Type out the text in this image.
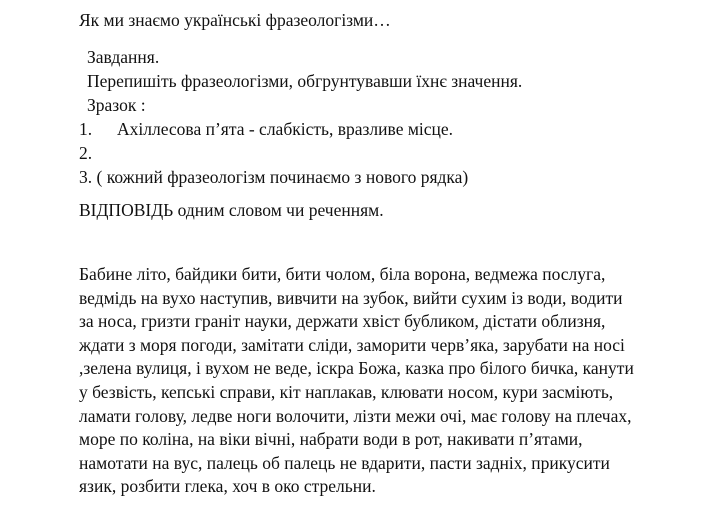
Як ми знаємо українські фразеологізми…
Завдання.
Перепишіть фразеологізми, обгрунтувавши їхнє значення.
Зразок :
1. Ахіллесова п’ята - слабкість, вразливе місце.
2.
3. ( кожний фразеологізм починаємо з нового рядка)
ВІДПОВІДЬ одним словом чи реченням.
Бабине літо, байдики бити, бити чолом, біла ворона, ведмежа послуга,
ведмідь на вухо наступив, вивчити на зубок, вийти сухим із води, водити
за носа, гризти граніт науки, держати хвіст бубликом, дістати облизня,
ждати з моря погоди, замітати сліди, заморити черв’яка, зарубати на носі
,зелена вулиця, і вухом не веде, іскра Божа, казка про білого бичка, канути
у безвість, кепські справи, кіт наплакав, клювати носом, кури засміють,
ламати голову, ледве ноги волочити, лізти межи очі, має голову на плечах,
море по коліна, на віки вічні, набрати води в рот, накивати п’ятами,
намотати на вус, палець об палець не вдарити, пасти задніх, прикусити
язик, розбити глека, хоч в око стрельни.
